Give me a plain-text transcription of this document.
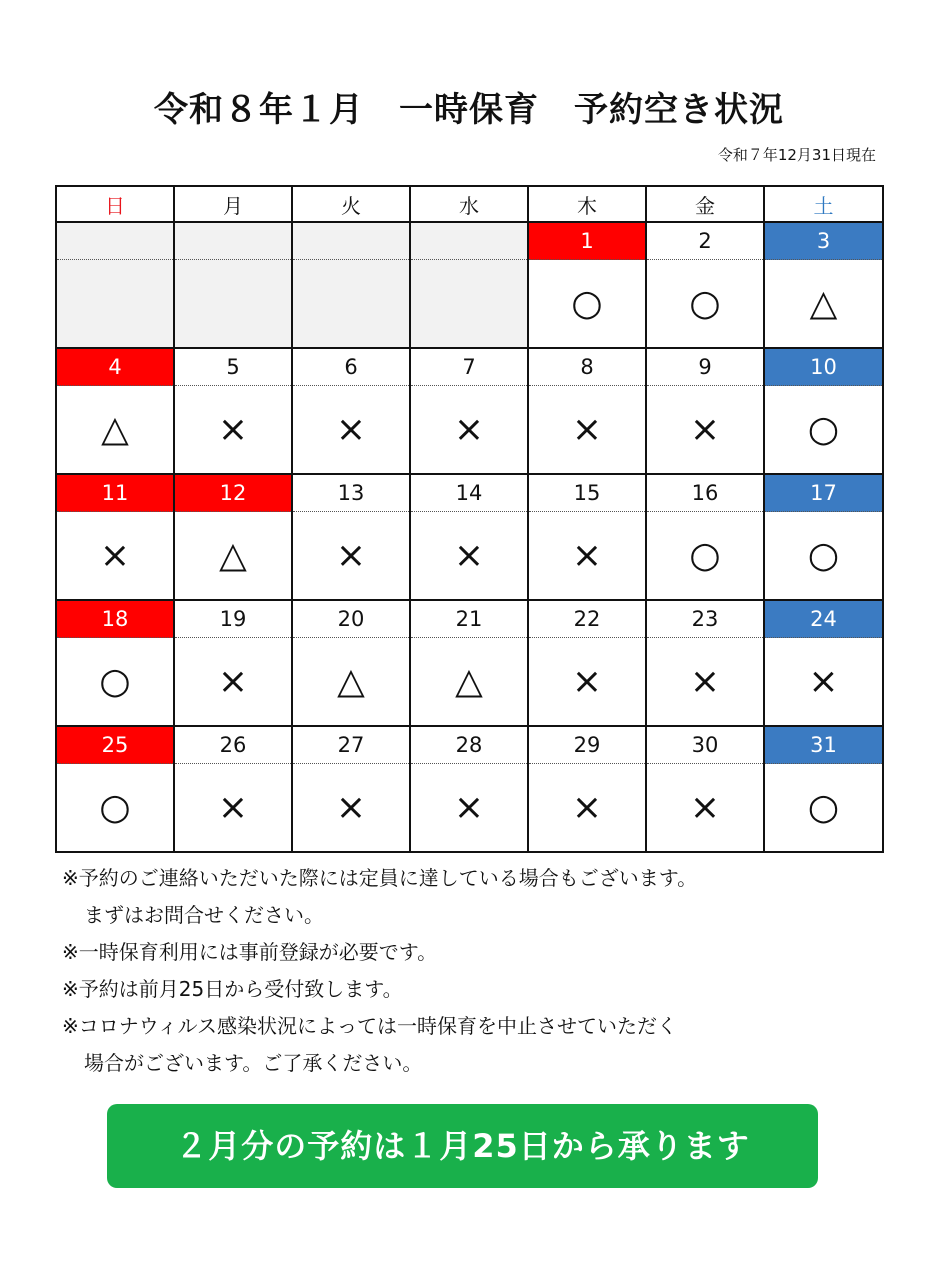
令和８年１月　一時保育　予約空き状況
令和７年12月31日現在
日	月	火	水	木	金	土
				1	2	3
				○	○	△
4	5	6	7	8	9	10
△	×	×	×	×	×	○
11	12	13	14	15	16	17
×	△	×	×	×	○	○
18	19	20	21	22	23	24
○	×	△	△	×	×	×
25	26	27	28	29	30	31
○	×	×	×	×	×	○
※予約のご連絡いただいた際には定員に達している場合もございます。
まずはお問合せください。
※一時保育利用には事前登録が必要です。
※予約は前月25日から受付致します。
※コロナウィルス感染状況によっては一時保育を中止させていただく
場合がございます。ご了承ください。
２月分の予約は１月25日から承ります
